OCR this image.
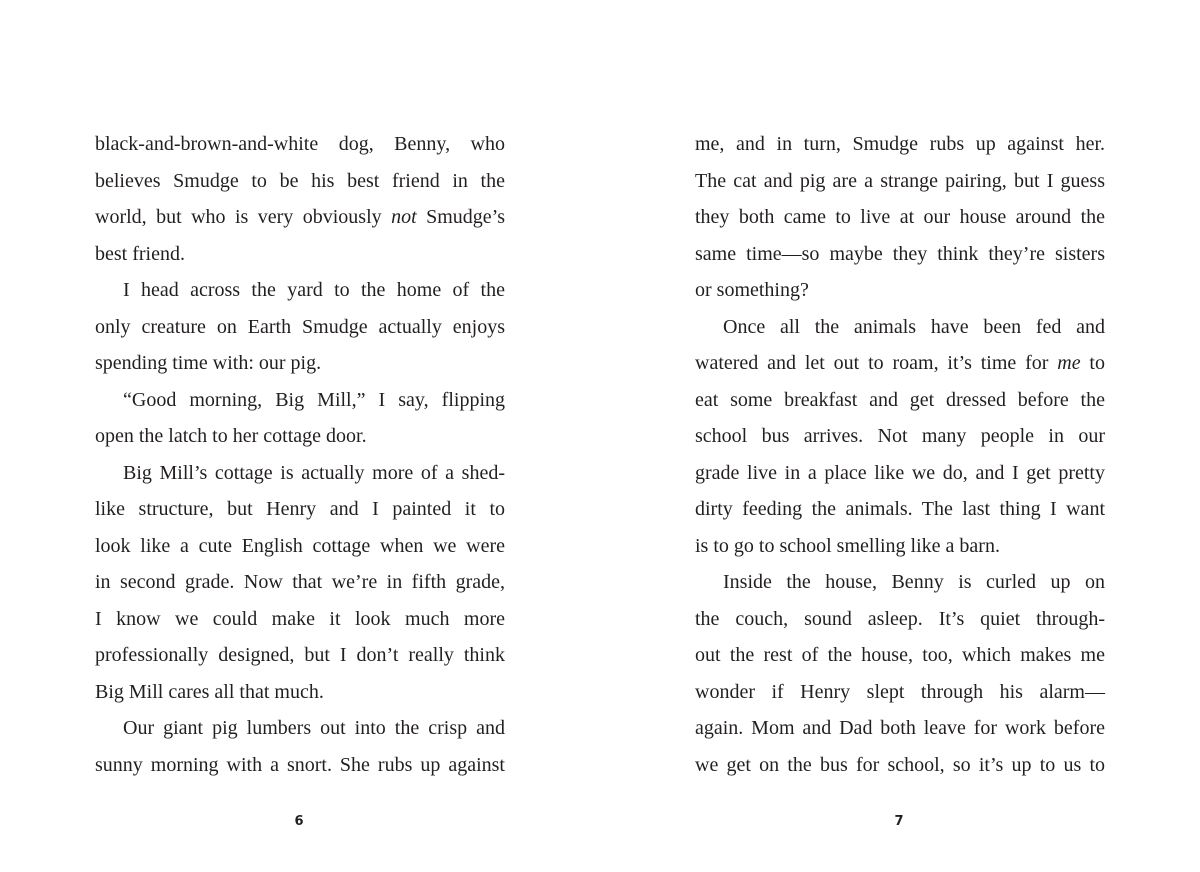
black-and-brown-and-white dog, Benny, who
believes Smudge to be his best friend in the
world, but who is very obviously not Smudge’s
best friend.
I head across the yard to the home of the
only creature on Earth Smudge actually enjoys
spending time with: our pig.
“Good morning, Big Mill,” I say, flipping
open the latch to her cottage door.
Big Mill’s cottage is actually more of a shed-
like structure, but Henry and I painted it to
look like a cute English cottage when we were
in second grade. Now that we’re in fifth grade,
I know we could make it look much more
professionally designed, but I don’t really think
Big Mill cares all that much.
Our giant pig lumbers out into the crisp and
sunny morning with a snort. She rubs up against
me, and in turn, Smudge rubs up against her.
The cat and pig are a strange pairing, but I guess
they both came to live at our house around the
same time—so maybe they think they’re sisters
or something?
Once all the animals have been fed and
watered and let out to roam, it’s time for me to
eat some breakfast and get dressed before the
school bus arrives. Not many people in our
grade live in a place like we do, and I get pretty
dirty feeding the animals. The last thing I want
is to go to school smelling like a barn.
Inside the house, Benny is curled up on
the couch, sound asleep. It’s quiet through-
out the rest of the house, too, which makes me
wonder if Henry slept through his alarm—
again. Mom and Dad both leave for work before
we get on the bus for school, so it’s up to us to
6	7
